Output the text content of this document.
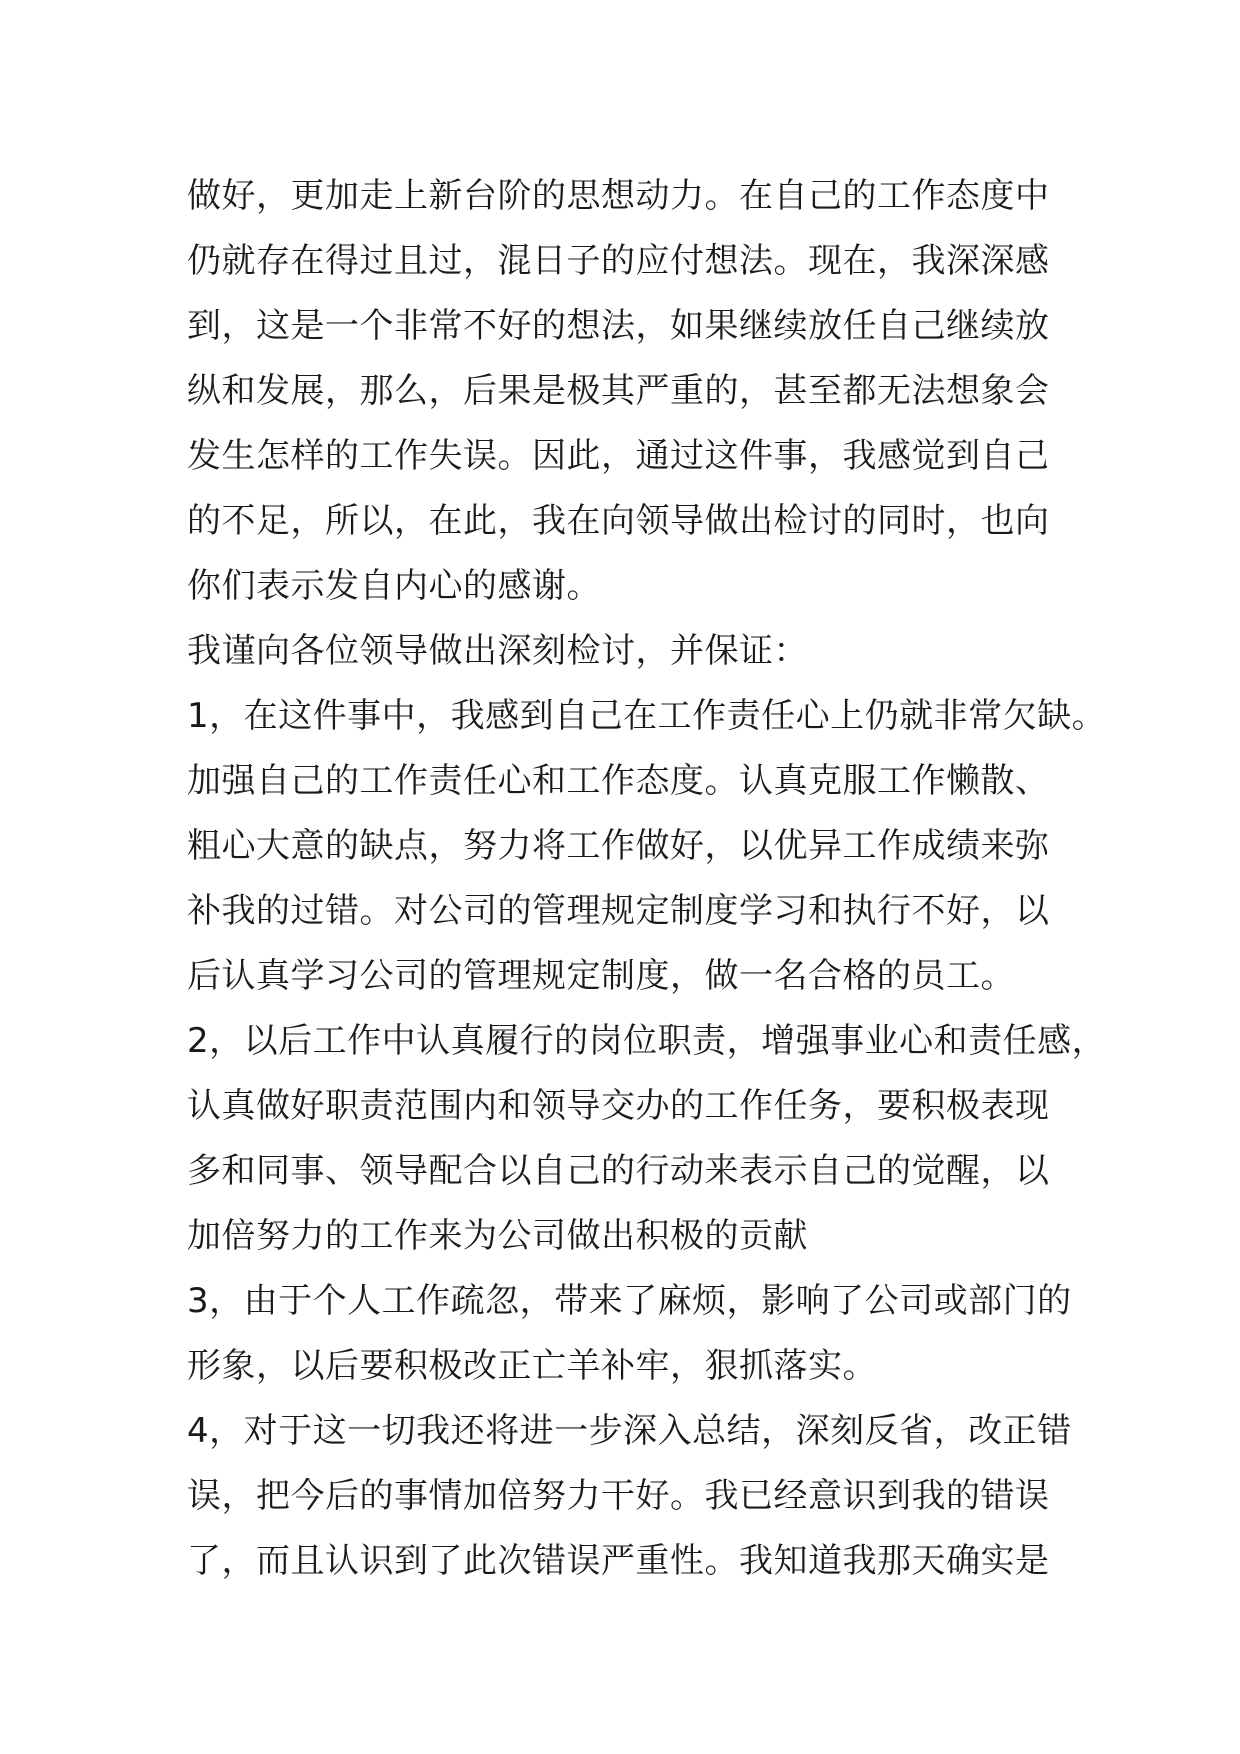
做好，更加走上新台阶的思想动力。在自己的工作态度中
仍就存在得过且过，混日子的应付想法。现在，我深深感
到，这是一个非常不好的想法，如果继续放任自己继续放
纵和发展，那么，后果是极其严重的，甚至都无法想象会
发生怎样的工作失误。因此，通过这件事，我感觉到自己
的不足，所以，在此，我在向领导做出检讨的同时，也向
你们表示发自内心的感谢。
我谨向各位领导做出深刻检讨，并保证：
1，在这件事中，我感到自己在工作责任心上仍就非常欠缺。
加强自己的工作责任心和工作态度。认真克服工作懒散、
粗心大意的缺点，努力将工作做好，以优异工作成绩来弥
补我的过错。对公司的管理规定制度学习和执行不好，以
后认真学习公司的管理规定制度，做一名合格的员工。
2，以后工作中认真履行的岗位职责，增强事业心和责任感，
认真做好职责范围内和领导交办的工作任务，要积极表现
多和同事、领导配合以自己的行动来表示自己的觉醒，以
加倍努力的工作来为公司做出积极的贡献
3，由于个人工作疏忽，带来了麻烦，影响了公司或部门的
形象，以后要积极改正亡羊补牢，狠抓落实。
4，对于这一切我还将进一步深入总结，深刻反省，改正错
误，把今后的事情加倍努力干好。我已经意识到我的错误
了，而且认识到了此次错误严重性。我知道我那天确实是
